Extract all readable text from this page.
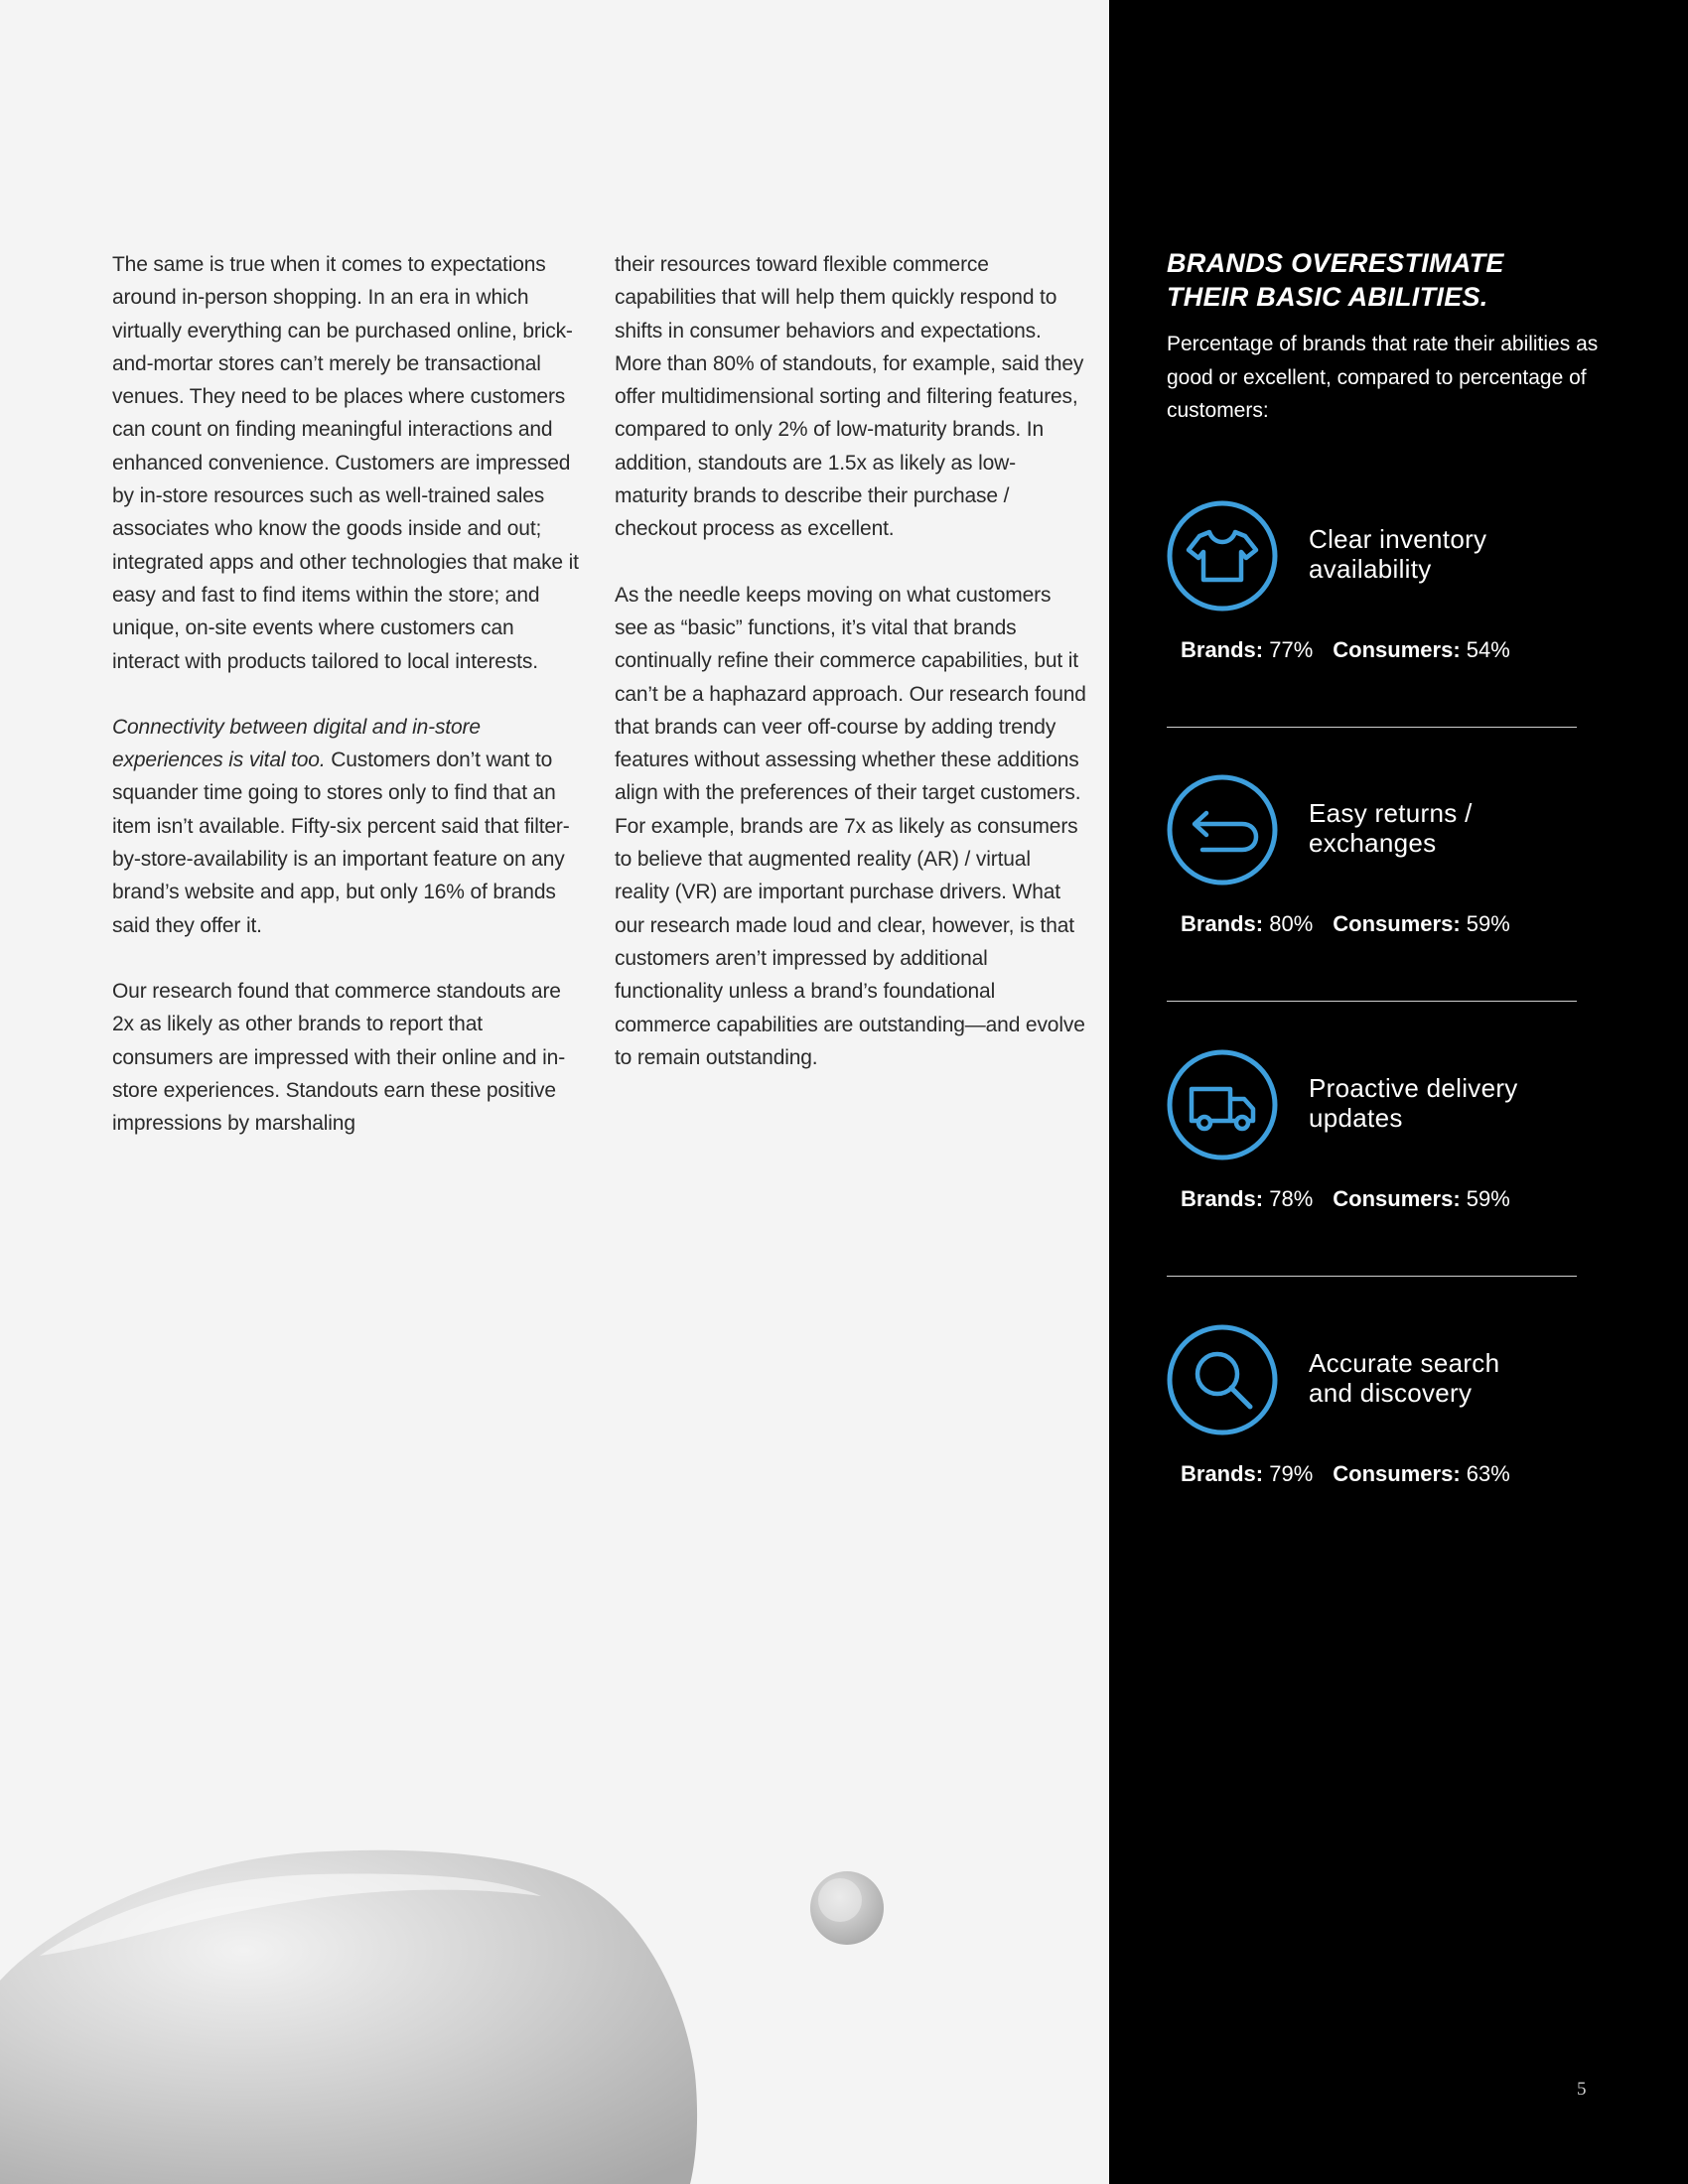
The same is true when it comes to expectations around in-person shopping. In an era in which virtually everything can be purchased online, brick-and-mortar stores can’t merely be transactional venues. They need to be places where customers can count on finding meaningful interactions and enhanced convenience. Customers are impressed by in-store resources such as well-trained sales associates who know the goods inside and out; integrated apps and other technologies that make it easy and fast to find items within the store; and unique, on-site events where customers can interact with products tailored to local interests.

Connectivity between digital and in-store experiences is vital too. Customers don’t want to squander time going to stores only to find that an item isn’t available. Fifty-six percent said that filter-by-store-availability is an important feature on any brand’s website and app, but only 16% of brands said they offer it.

Our research found that commerce standouts are 2x as likely as other brands to report that consumers are impressed with their online and in-store experiences. Standouts earn these positive impressions by marshaling

their resources toward flexible commerce capabilities that will help them quickly respond to shifts in consumer behaviors and expectations. More than 80% of standouts, for example, said they offer multidimensional sorting and filtering features, compared to only 2% of low-maturity brands. In addition, standouts are 1.5x as likely as low-maturity brands to describe their purchase / checkout process as excellent.

As the needle keeps moving on what customers see as “basic” functions, it’s vital that brands continually refine their commerce capabilities, but it can’t be a haphazard approach. Our research found that brands can veer off-course by adding trendy features without assessing whether these additions align with the preferences of their target customers. For example, brands are 7x as likely as consumers to believe that augmented reality (AR) / virtual reality (VR) are important purchase drivers. What our research made loud and clear, however, is that customers aren’t impressed by additional functionality unless a brand’s foundational commerce capabilities are outstanding—and evolve to remain outstanding.

BRANDS OVERESTIMATE
THEIR BASIC ABILITIES.
Percentage of brands that rate their abilities as good or excellent, compared to percentage of customers:
Clear inventory
availability
Brands: 77% Consumers: 54%
Easy returns /
exchanges
Brands: 80% Consumers: 59%
Proactive delivery
updates
Brands: 78% Consumers: 59%
Accurate search
and discovery
Brands: 79% Consumers: 63%
5
